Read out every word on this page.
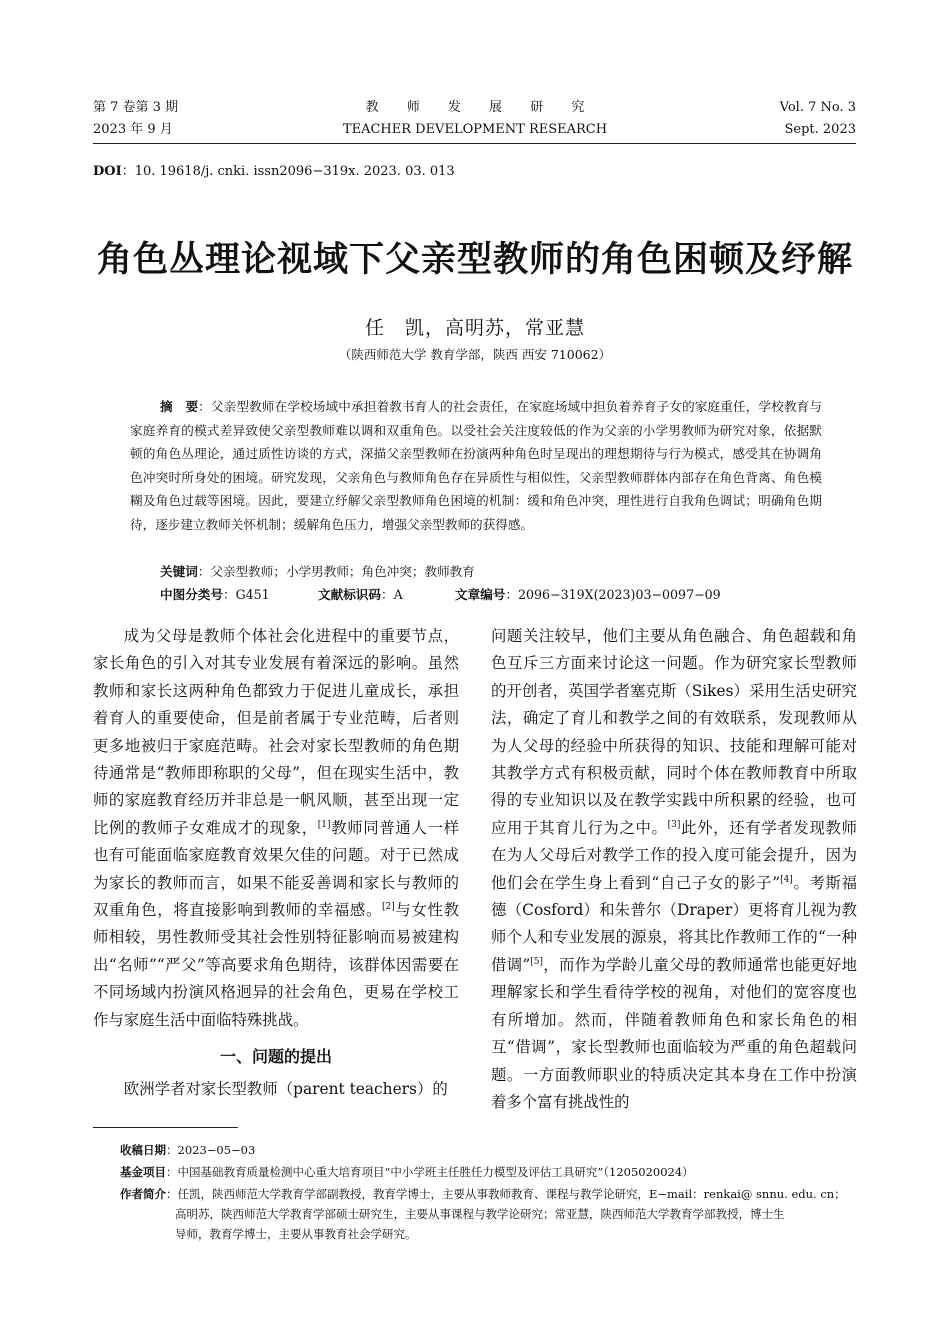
第 7 卷第 3 期
2023 年 9 月
教 师 发 展 研 究
TEACHER DEVELOPMENT RESEARCH
Vol. 7 No. 3
Sept. 2023
DOI：10. 19618/j. cnki. issn2096−319x. 2023. 03. 013
角色丛理论视域下父亲型教师的角色困顿及纾解
任　凯，高明苏，常亚慧
（陕西师范大学 教育学部，陕西 西安 710062）
摘　要：父亲型教师在学校场域中承担着教书育人的社会责任，在家庭场域中担负着养育子女的家庭重任，学校教育与家庭养育的模式差异致使父亲型教师难以调和双重角色。以受社会关注度较低的作为父亲的小学男教师为研究对象，依据默顿的角色丛理论，通过质性访谈的方式，深描父亲型教师在扮演两种角色时呈现出的理想期待与行为模式，感受其在协调角色冲突时所身处的困境。研究发现，父亲角色与教师角色存在异质性与相似性，父亲型教师群体内部存在角色背离、角色模糊及角色过载等困境。因此，要建立纾解父亲型教师角色困境的机制：缓和角色冲突，理性进行自我角色调试；明确角色期待，逐步建立教师关怀机制；缓解角色压力，增强父亲型教师的获得感。
关键词：父亲型教师；小学男教师；角色冲突；教师教育
中图分类号：G451	文献标识码：A	文章编号：2096−319X(2023)03−0097−09

成为父母是教师个体社会化进程中的重要节点，家长角色的引入对其专业发展有着深远的影响。虽然教师和家长这两种角色都致力于促进儿童成长，承担着育人的重要使命，但是前者属于专业范畴，后者则更多地被归于家庭范畴。社会对家长型教师的角色期待通常是“教师即称职的父母”，但在现实生活中，教师的家庭教育经历并非总是一帆风顺，甚至出现一定比例的教师子女难成才的现象，[1]教师同普通人一样也有可能面临家庭教育效果欠佳的问题。对于已然成为家长的教师而言，如果不能妥善调和家长与教师的双重角色，将直接影响到教师的幸福感。[2]与女性教师相较，男性教师受其社会性别特征影响而易被建构出“名师”“严父”等高要求角色期待，该群体因需要在不同场域内扮演风格迥异的社会角色，更易在学校工作与家庭生活中面临特殊挑战。

一、问题的提出

欧洲学者对家长型教师（parent teachers）的

问题关注较早，他们主要从角色融合、角色超载和角色互斥三方面来讨论这一问题。作为研究家长型教师的开创者，英国学者塞克斯（Sikes）采用生活史研究法，确定了育儿和教学之间的有效联系，发现教师从为人父母的经验中所获得的知识、技能和理解可能对其教学方式有积极贡献，同时个体在教师教育中所取得的专业知识以及在教学实践中所积累的经验，也可应用于其育儿行为之中。[3]此外，还有学者发现教师在为人父母后对教学工作的投入度可能会提升，因为他们会在学生身上看到“自己子女的影子”[4]。考斯福德（Cosford）和朱普尔（Draper）更将育儿视为教师个人和专业发展的源泉，将其比作教师工作的“一种借调”[5]，而作为学龄儿童父母的教师通常也能更好地理解家长和学生看待学校的视角，对他们的宽容度也有所增加。然而，伴随着教师角色和家长角色的相互“借调”，家长型教师也面临较为严重的角色超载问题。一方面教师职业的特质决定其本身在工作中扮演着多个富有挑战性的

收稿日期：2023−05−03
基金项目：中国基础教育质量检测中心重大培育项目“中小学班主任胜任力模型及评估工具研究”（1205020024）
作者简介：任凯，陕西师范大学教育学部副教授，教育学博士，主要从事教师教育、课程与教学论研究，E−mail：renkai@ snnu. edu. cn；
高明苏，陕西师范大学教育学部硕士研究生，主要从事课程与教学论研究；常亚慧，陕西师范大学教育学部教授，博士生
导师，教育学博士，主要从事教育社会学研究。
